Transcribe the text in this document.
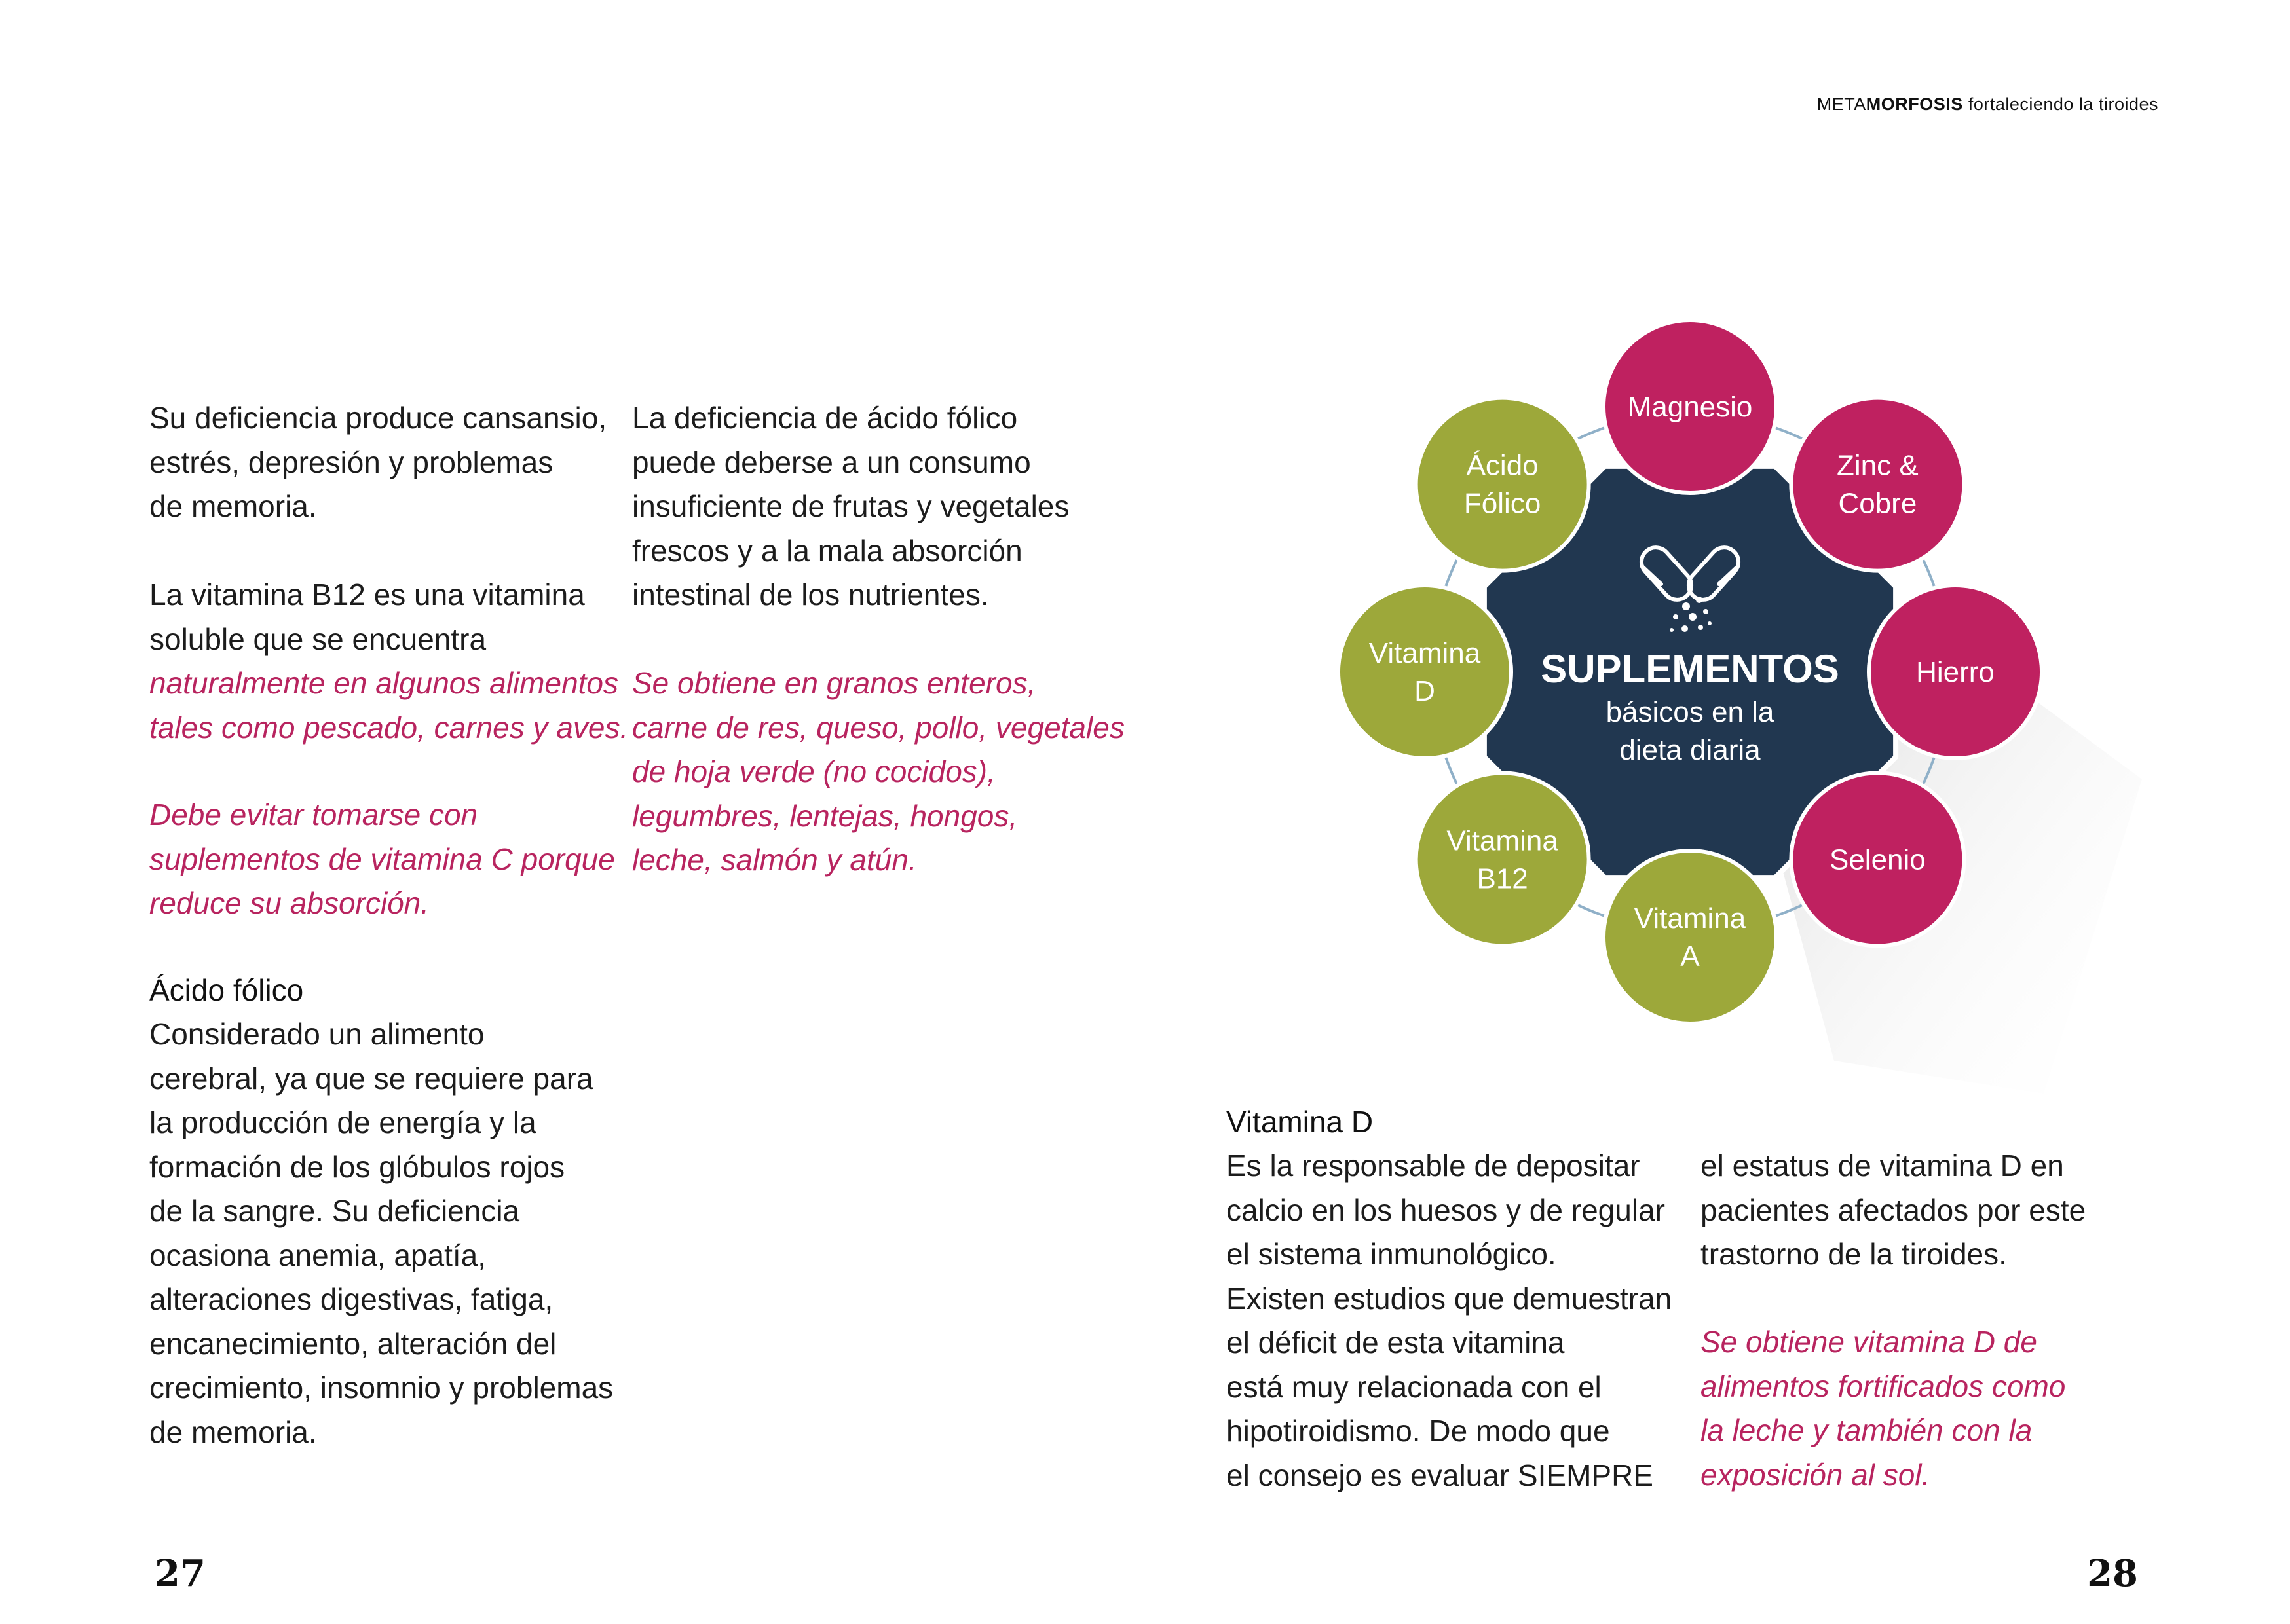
METAMORFOSIS fortaleciendo la tiroides

Su deficiencia produce cansansio,
estrés, depresión y problemas
de memoria.

La vitamina B12 es una vitamina
soluble que se encuentra

naturalmente en algunos alimentos
tales como pescado, carnes y aves.

Debe evitar tomarse con
suplementos de vitamina C porque
reduce su absorción.

Ácido fólico

Considerado un alimento
cerebral, ya que se requiere para
la producción de energía y la
formación de los glóbulos rojos
de la sangre. Su deficiencia
ocasiona anemia, apatía,
alteraciones digestivas, fatiga,
encanecimiento, alteración del
crecimiento, insomnio y problemas
de memoria.

La deficiencia de ácido fólico
puede deberse a un consumo
insuficiente de frutas y vegetales
frescos y a la mala absorción
intestinal de los nutrientes.

Se obtiene en granos enteros,
carne de res, queso, pollo, vegetales
de hoja verde (no cocidos),
legumbres, lentejas, hongos,
leche, salmón y atún.

Magnesio
Zinc &
Cobre
Hierro
Selenio
Vitamina
A
Vitamina
B12
Vitamina
D
Ácido
Fólico
SUPLEMENTOS
básicos en la
dieta diaria

Vitamina D

Es la responsable de depositar
calcio en los huesos y de regular
el sistema inmunológico.
Existen estudios que demuestran
el déficit de esta vitamina
está muy relacionada con el
hipotiroidismo. De modo que
el consejo es evaluar SIEMPRE

el estatus de vitamina D en
pacientes afectados por este
trastorno de la tiroides.

Se obtiene vitamina D de
alimentos fortificados como
la leche y también con la
exposición al sol.

27	28
